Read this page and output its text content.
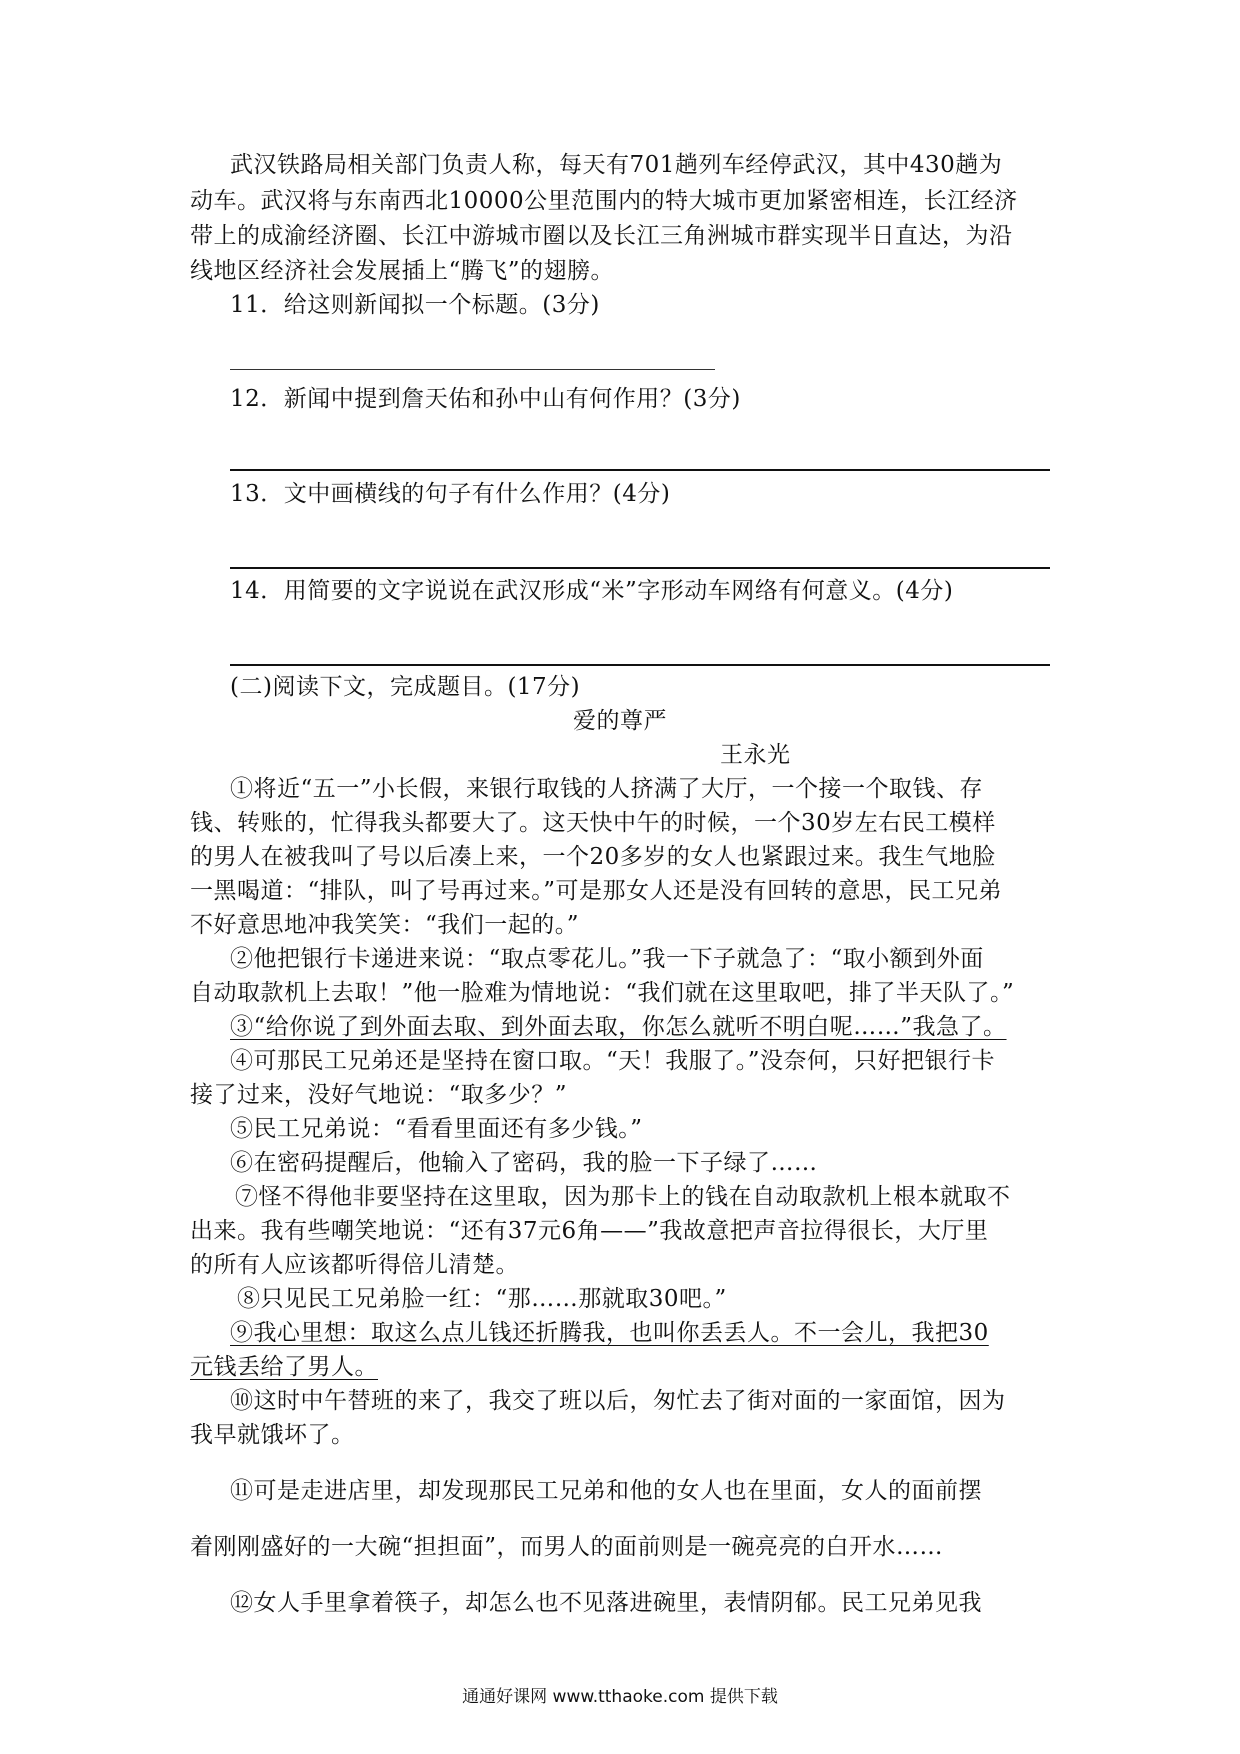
武汉铁路局相关部门负责人称，每天有701趟列车经停武汉，其中430趟为
动车。武汉将与东南西北10000公里范围内的特大城市更加紧密相连，长江经济
带上的成渝经济圈、长江中游城市圈以及长江三角洲城市群实现半日直达，为沿
线地区经济社会发展插上“腾飞”的翅膀。
11．给这则新闻拟一个标题。(3分)
12．新闻中提到詹天佑和孙中山有何作用？(3分)
13．文中画横线的句子有什么作用？(4分)
14．用简要的文字说说在武汉形成“米”字形动车网络有何意义。(4分)
(二)阅读下文，完成题目。(17分)
爱的尊严
王永光
①将近“五一”小长假，来银行取钱的人挤满了大厅，一个接一个取钱、存
钱、转账的，忙得我头都要大了。这天快中午的时候，一个30岁左右民工模样
的男人在被我叫了号以后凑上来，一个20多岁的女人也紧跟过来。我生气地脸
一黑喝道：“排队，叫了号再过来。”可是那女人还是没有回转的意思，民工兄弟
不好意思地冲我笑笑：“我们一起的。”
②他把银行卡递进来说：“取点零花儿。”我一下子就急了：“取小额到外面
自动取款机上去取！”他一脸难为情地说：“我们就在这里取吧，排了半天队了。”
③“给你说了到外面去取、到外面去取，你怎么就听不明白呢……”我急了。
④可那民工兄弟还是坚持在窗口取。“天！我服了。”没奈何，只好把银行卡
接了过来，没好气地说：“取多少？”
⑤民工兄弟说：“看看里面还有多少钱。”
⑥在密码提醒后，他输入了密码，我的脸一下子绿了……
⑦怪不得他非要坚持在这里取，因为那卡上的钱在自动取款机上根本就取不
出来。我有些嘲笑地说：“还有37元6角——”我故意把声音拉得很长，大厅里
的所有人应该都听得倍儿清楚。
⑧只见民工兄弟脸一红：“那……那就取30吧。”
⑨我心里想：取这么点儿钱还折腾我，也叫你丢丢人。不一会儿，我把30
元钱丢给了男人。
⑩这时中午替班的来了，我交了班以后，匆忙去了街对面的一家面馆，因为
我早就饿坏了。
⑪可是走进店里，却发现那民工兄弟和他的女人也在里面，女人的面前摆
着刚刚盛好的一大碗“担担面”，而男人的面前则是一碗亮亮的白开水……
⑫女人手里拿着筷子，却怎么也不见落进碗里，表情阴郁。民工兄弟见我
通通好课网 www.tthaoke.com 提供下载
